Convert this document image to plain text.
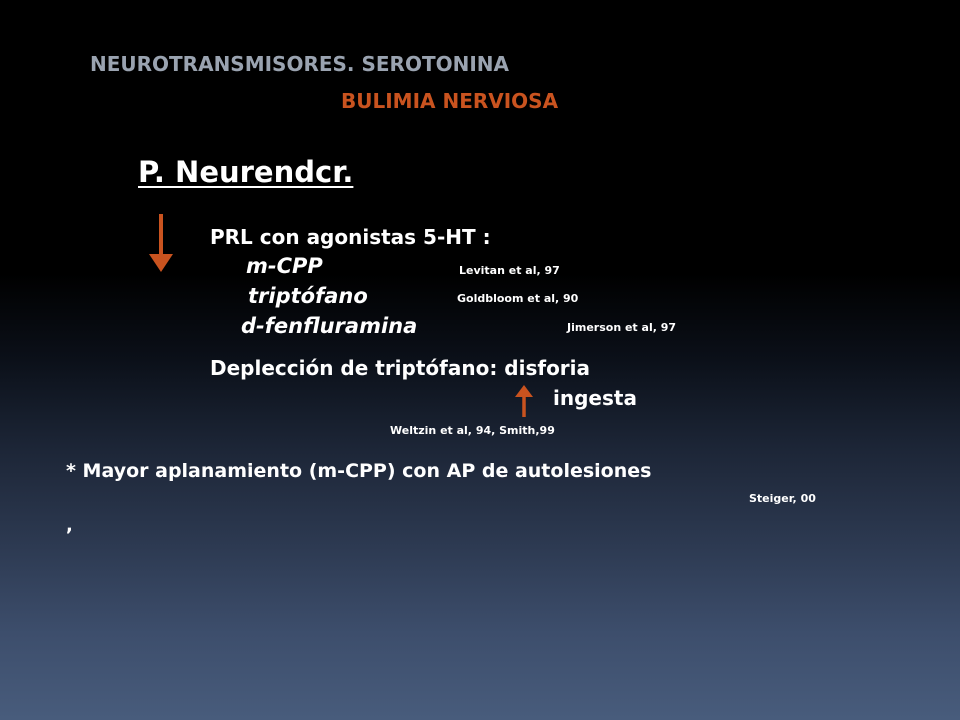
NEUROTRANSMISORES. SEROTONINA
BULIMIA NERVIOSA
P. Neurendcr.
PRL con agonistas 5-HT :
m-CPP	Levitan et al, 97
triptófano	Goldbloom et al, 90
d-fenfluramina	Jimerson et al, 97
Deplección de triptófano: disforia
ingesta
Weltzin et al, 94, Smith,99
* Mayor aplanamiento (m-CPP) con AP de autolesiones
Steiger, 00
,
